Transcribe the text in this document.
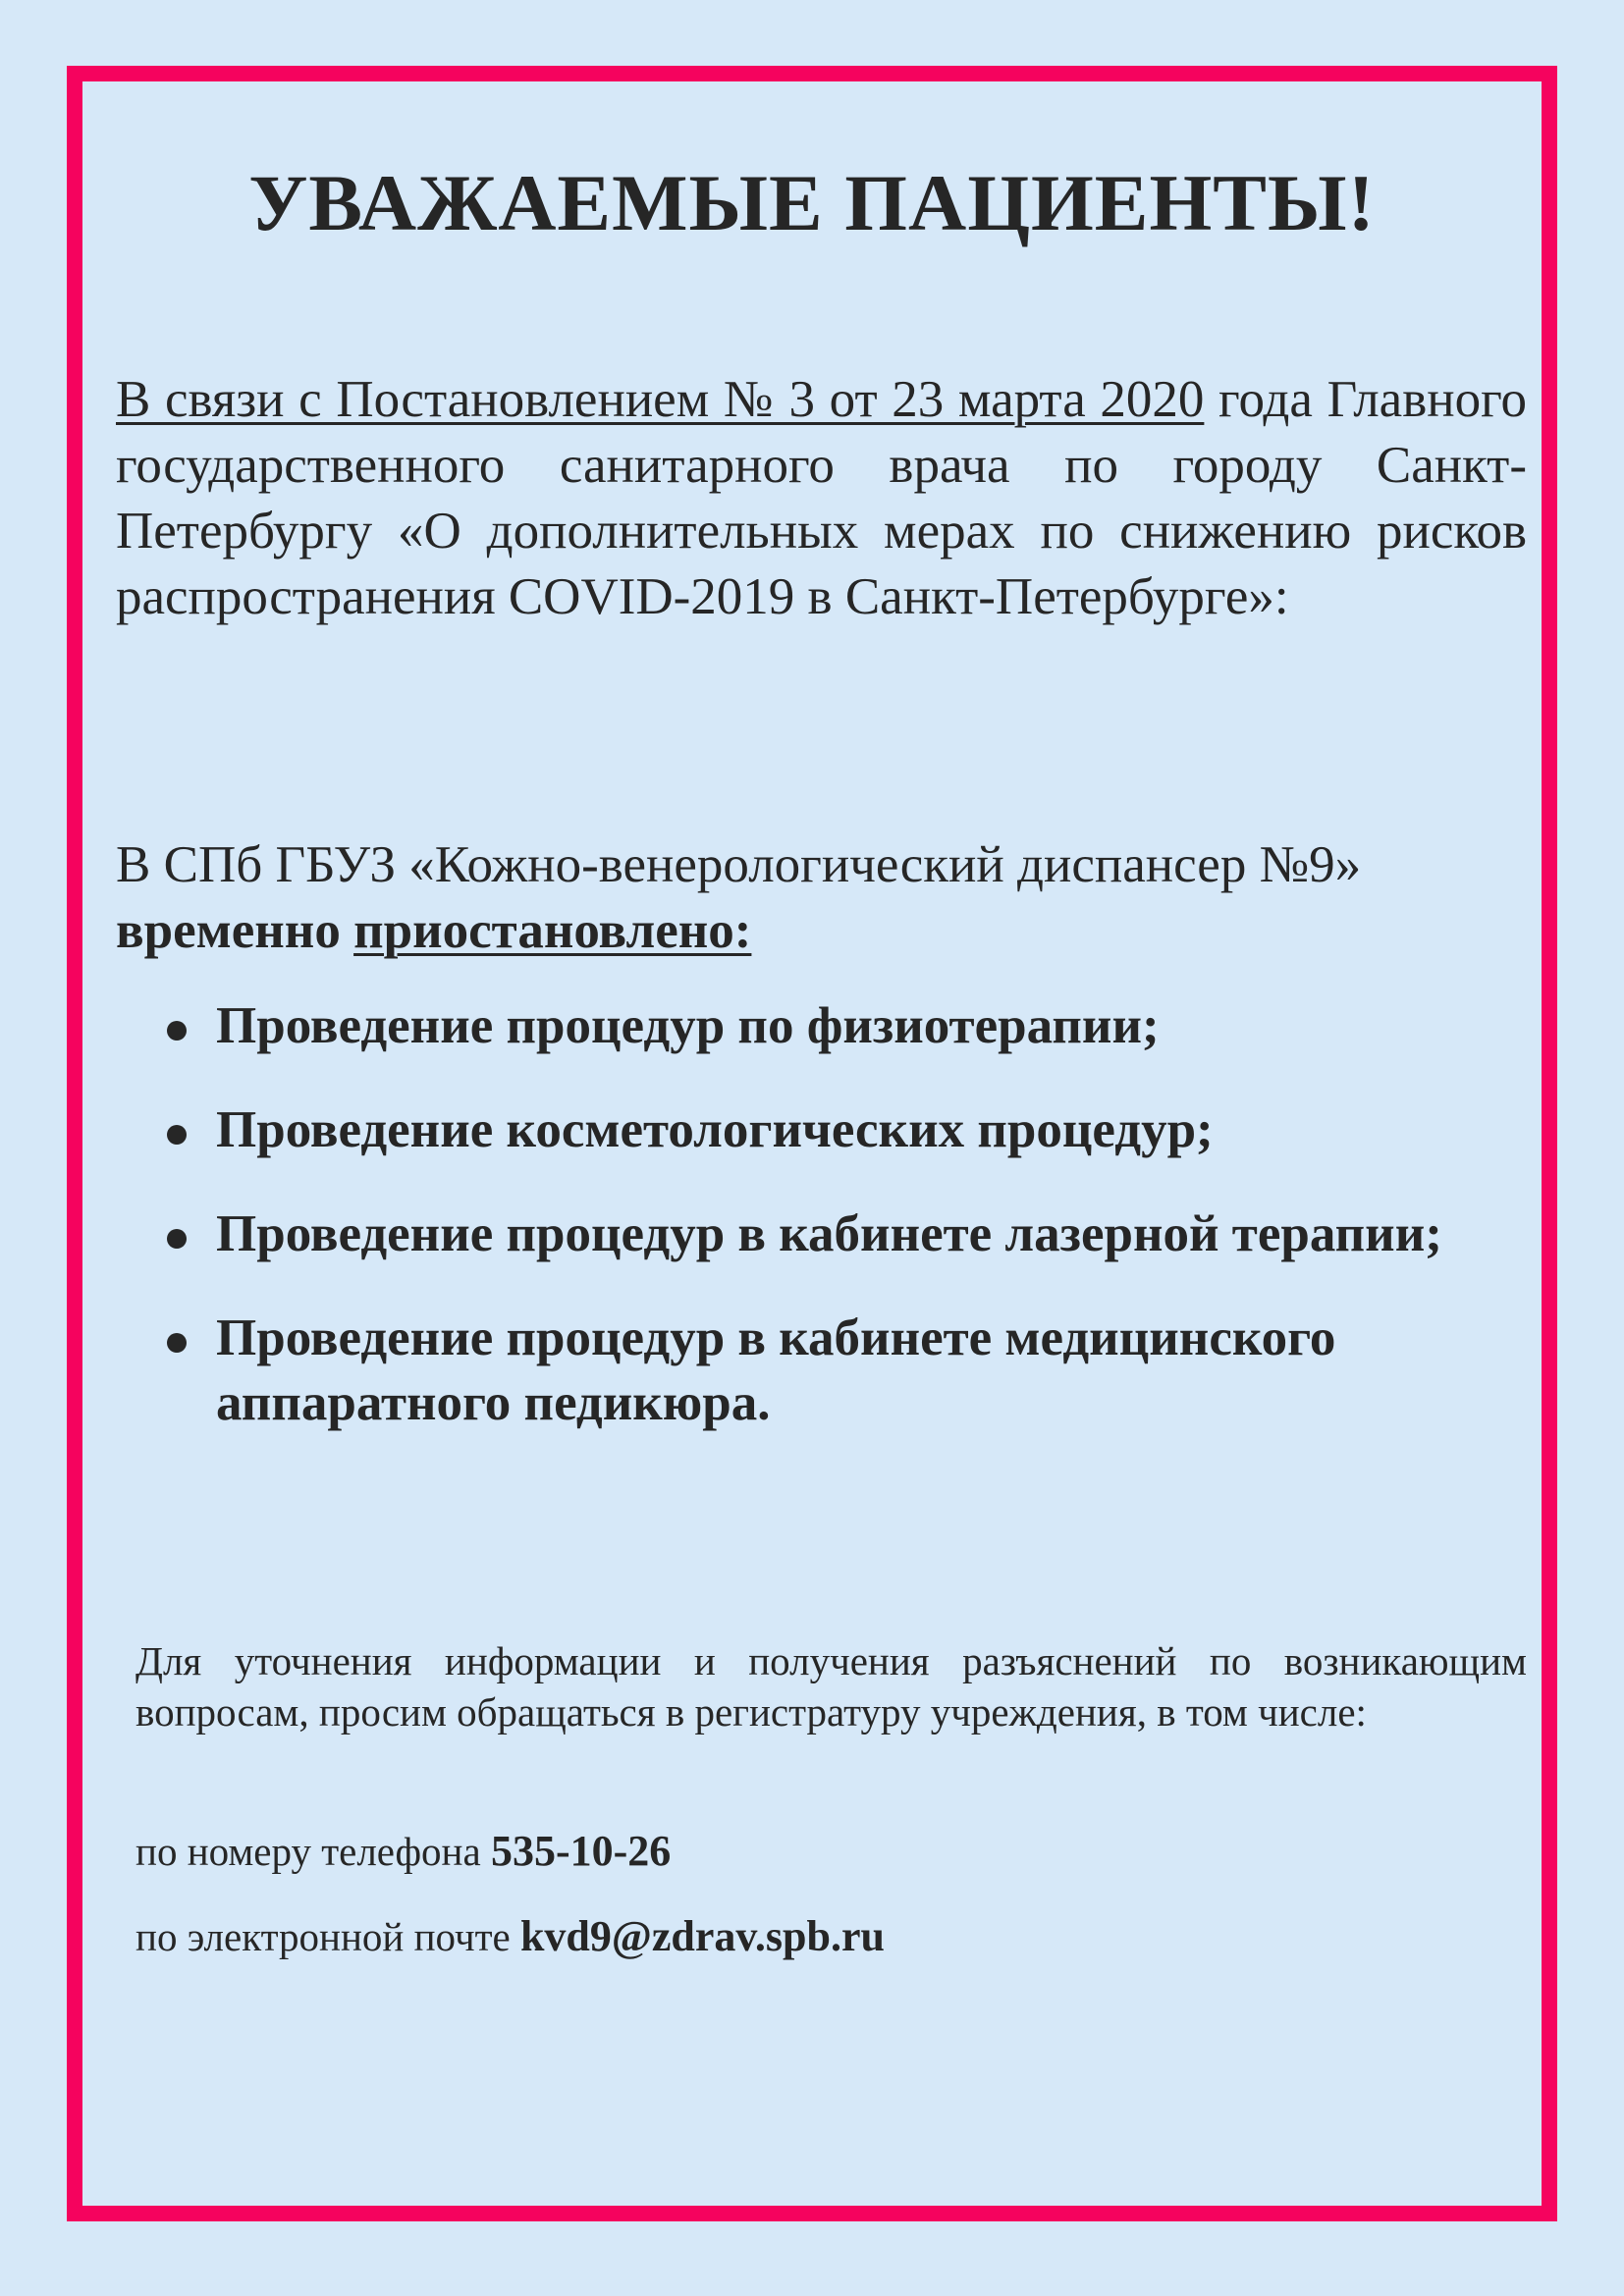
УВАЖАЕМЫЕ ПАЦИЕНТЫ!
В связи с Постановлением № 3 от 23 марта 2020 года Главного государственного санитарного врача по городу Санкт-Петербургу «О дополнительных мерах по снижению рисков распространения COVID-2019 в Санкт-Петербурге»:
В СПб ГБУЗ «Кожно-венерологический диспансер №9»
временно приостановлено:
Проведение процедур по физиотерапии;
Проведение косметологических процедур;
Проведение процедур в кабинете лазерной терапии;
Проведение процедур в кабинете медицинского аппаратного педикюра.
Для уточнения информации и получения разъяснений по возникающим вопросам, просим обращаться в регистратуру учреждения, в том числе:
по номеру телефона 535-10-26
по электронной почте kvd9@zdrav.spb.ru
